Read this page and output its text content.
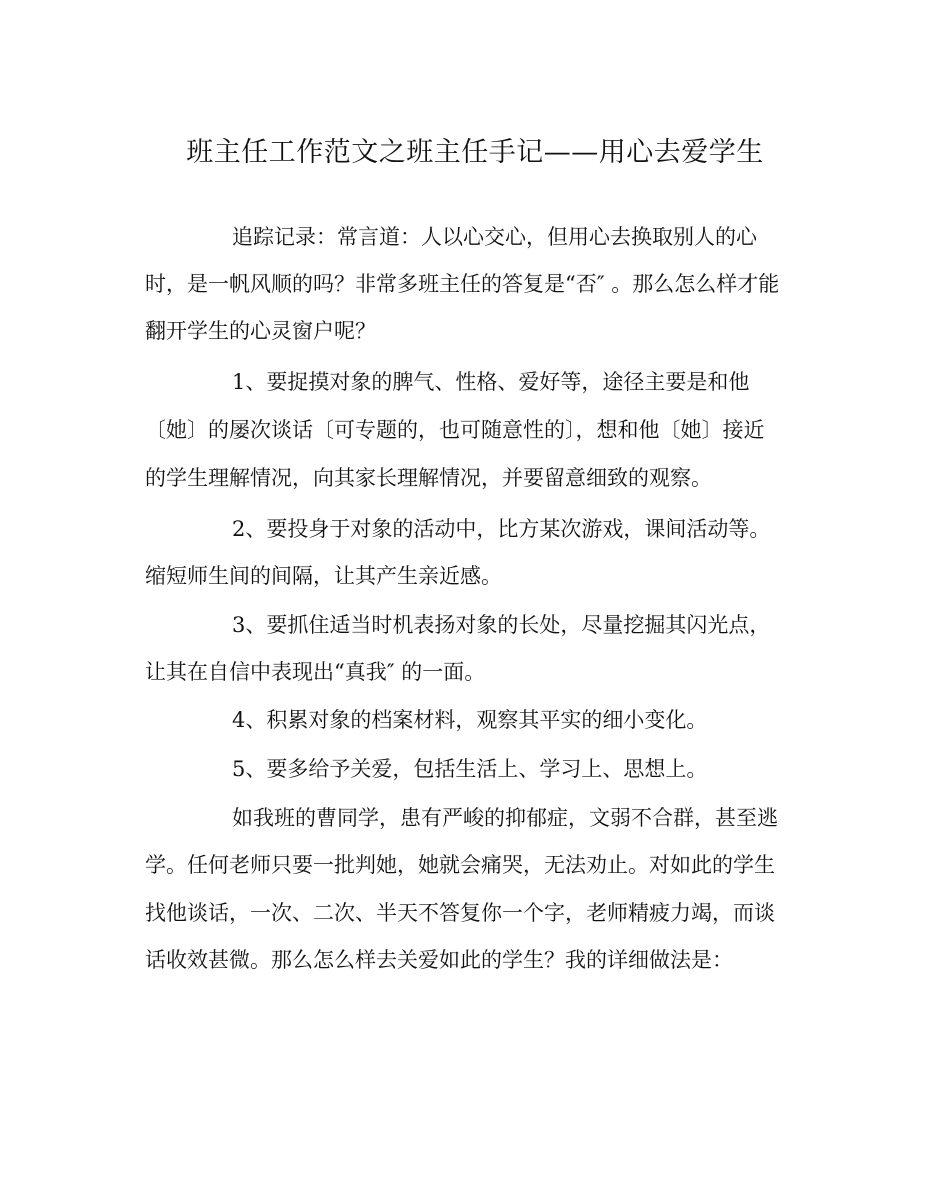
班主任工作范文之班主任手记——用心去爱学生

追踪记录：常言道：人以心交心，但用心去换取别人的心

时，是一帆风顺的吗？非常多班主任的答复是“否″ 。那么怎么样才能

翻开学生的心灵窗户呢？

1、要捉摸对象的脾气、性格、爱好等，途径主要是和他

〔她〕的屡次谈话〔可专题的，也可随意性的〕，想和他〔她〕接近

的学生理解情况，向其家长理解情况，并要留意细致的观察。

2、要投身于对象的活动中，比方某次游戏，课间活动等。

缩短师生间的间隔，让其产生亲近感。

3、要抓住适当时机表扬对象的长处，尽量挖掘其闪光点，

让其在自信中表现出“真我″ 的一面。

4、积累对象的档案材料，观察其平实的细小变化。

5、要多给予关爱，包括生活上、学习上、思想上。

如我班的曹同学，患有严峻的抑郁症，文弱不合群，甚至逃

学。任何老师只要一批判她，她就会痛哭，无法劝止。对如此的学生

找他谈话，一次、二次、半天不答复你一个字，老师精疲力竭，而谈

话收效甚微。那么怎么样去关爱如此的学生？我的详细做法是：
